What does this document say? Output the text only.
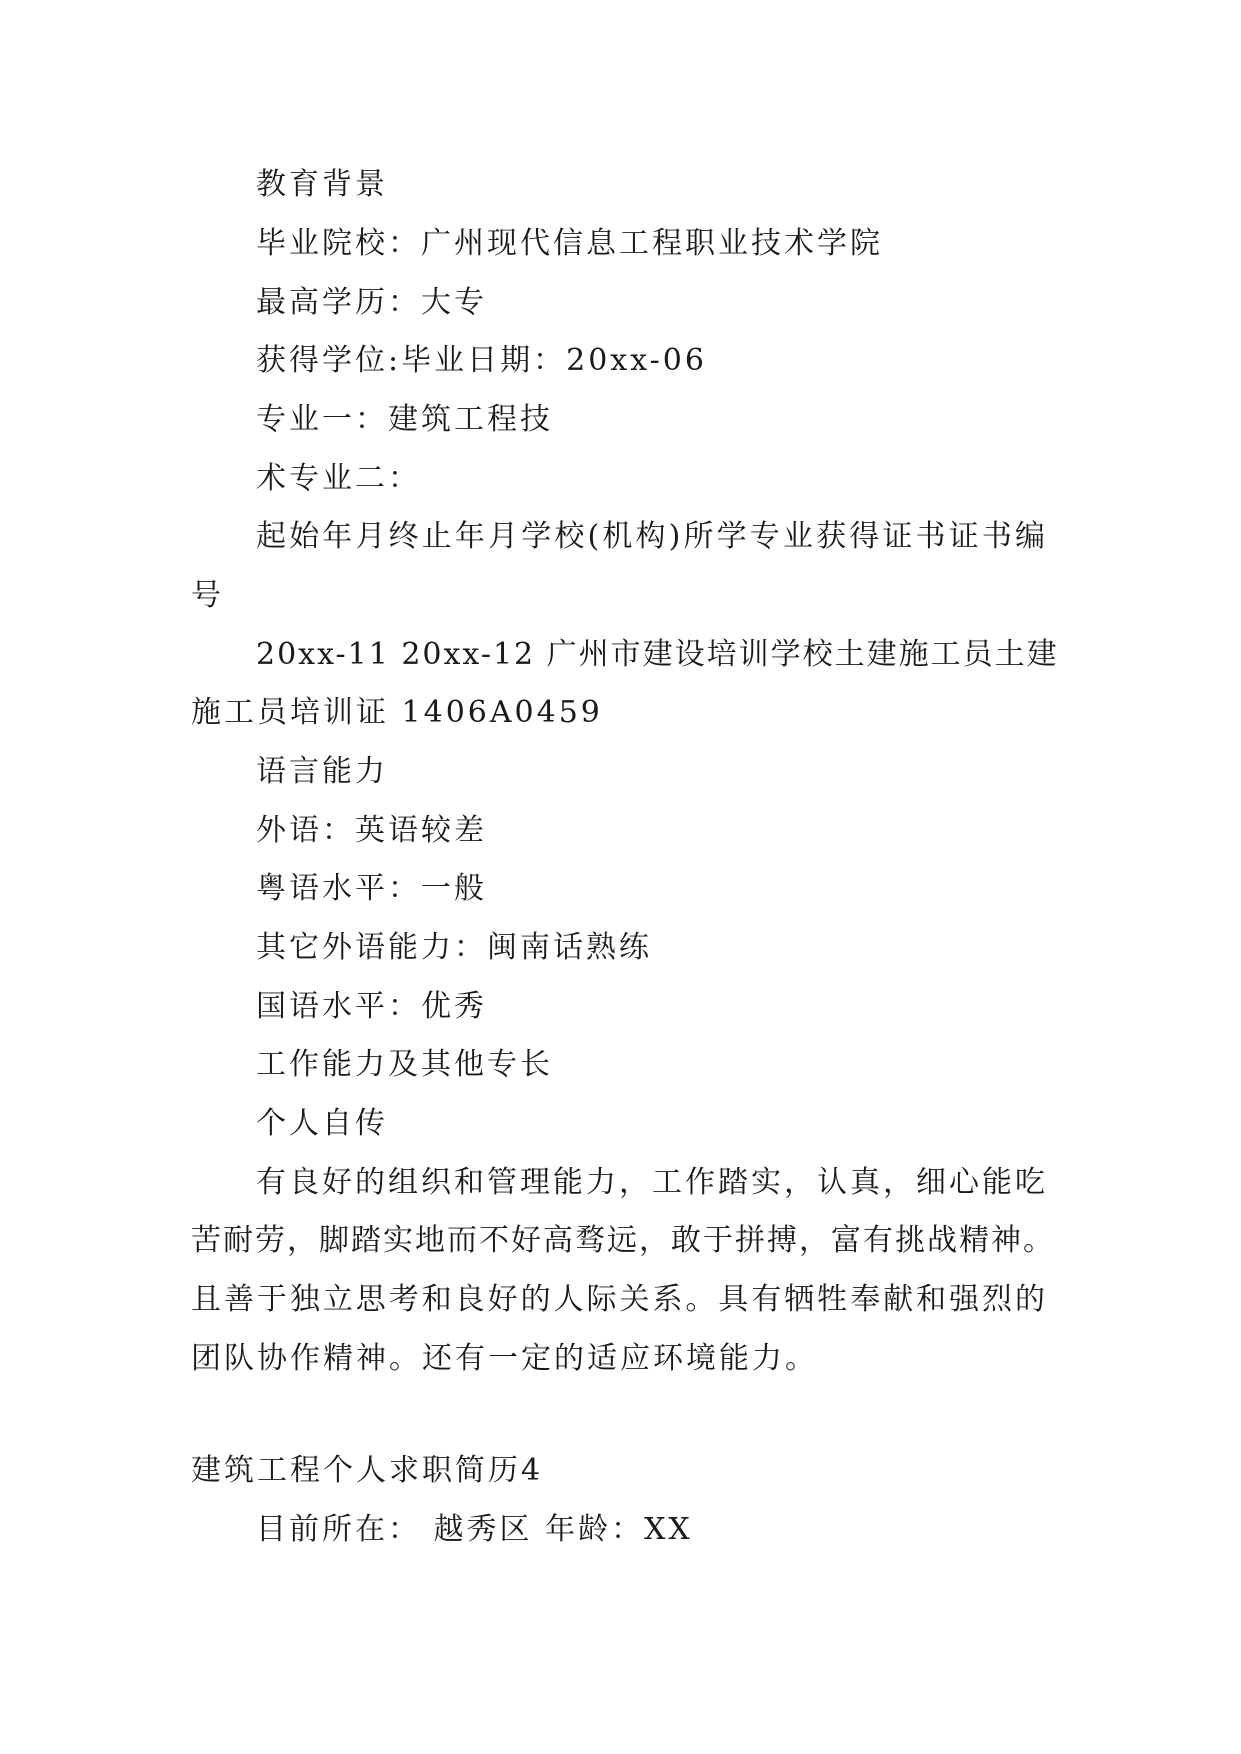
教育背景
毕业院校：广州现代信息工程职业技术学院
最高学历：大专
获得学位:毕业日期：20xx-06
专业一：建筑工程技
术专业二：
起始年月终止年月学校(机构)所学专业获得证书证书编
号
20xx-11 20xx-12 广州市建设培训学校土建施工员土建
施工员培训证 1406A0459
语言能力
外语：英语较差
粤语水平：一般
其它外语能力：闽南话熟练
国语水平：优秀
工作能力及其他专长
个人自传
有良好的组织和管理能力，工作踏实，认真，细心能吃
苦耐劳，脚踏实地而不好高骛远，敢于拼搏，富有挑战精神。
且善于独立思考和良好的人际关系。具有牺牲奉献和强烈的
团队协作精神。还有一定的适应环境能力。
建筑工程个人求职简历4
目前所在： 越秀区 年龄：XX
